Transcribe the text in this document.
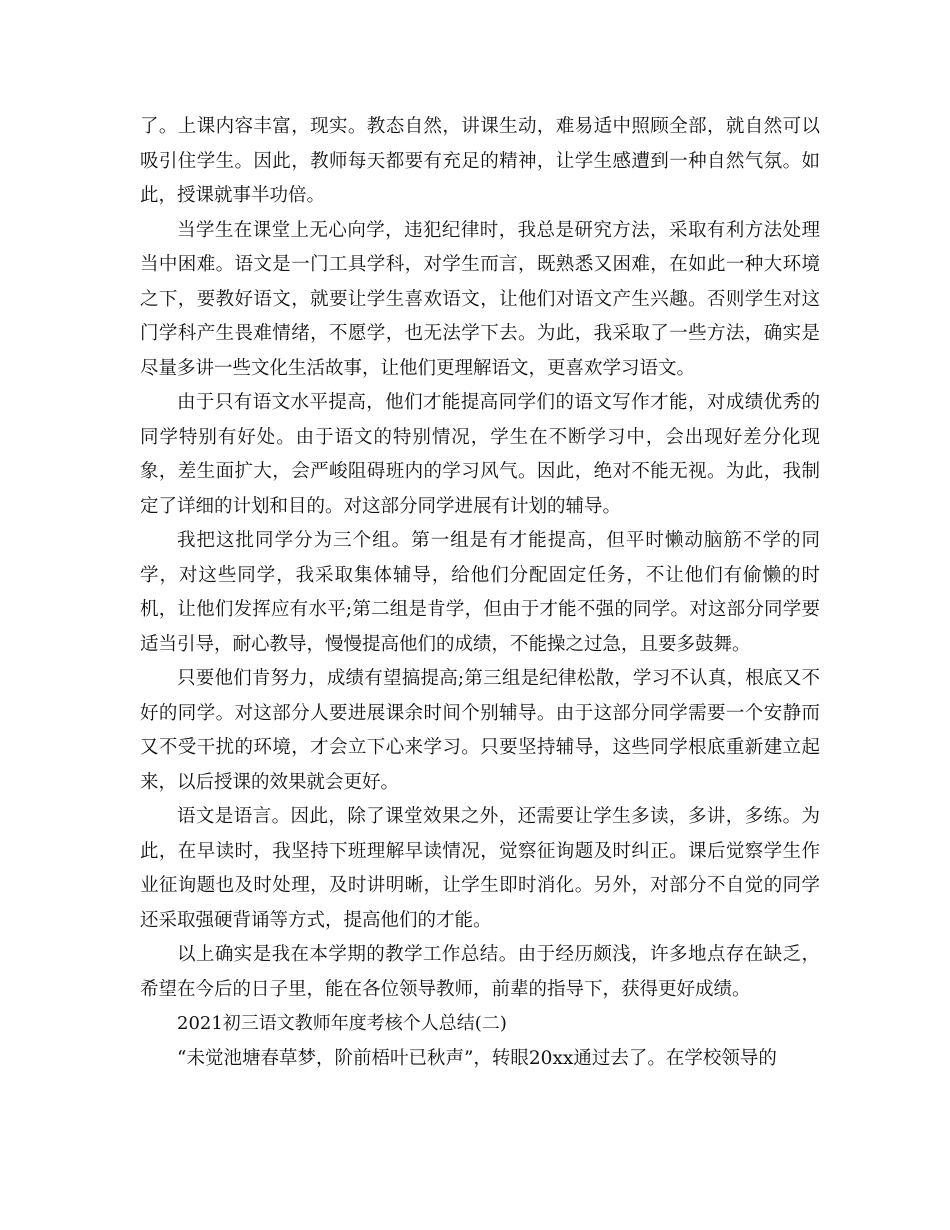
了。上课内容丰富，现实。教态自然，讲课生动，难易适中照顾全部，就自然可以吸引住学生。因此，教师每天都要有充足的精神，让学生感遭到一种自然气氛。如此，授课就事半功倍。

当学生在课堂上无心向学，违犯纪律时，我总是研究方法，采取有利方法处理当中困难。语文是一门工具学科，对学生而言，既熟悉又困难，在如此一种大环境之下，要教好语文，就要让学生喜欢语文，让他们对语文产生兴趣。否则学生对这门学科产生畏难情绪，不愿学，也无法学下去。为此，我采取了一些方法，确实是尽量多讲一些文化生活故事，让他们更理解语文，更喜欢学习语文。

由于只有语文水平提高，他们才能提高同学们的语文写作才能，对成绩优秀的同学特别有好处。由于语文的特别情况，学生在不断学习中，会出现好差分化现象，差生面扩大，会严峻阻碍班内的学习风气。因此，绝对不能无视。为此，我制定了详细的计划和目的。对这部分同学进展有计划的辅导。

我把这批同学分为三个组。第一组是有才能提高，但平时懒动脑筋不学的同学，对这些同学，我采取集体辅导，给他们分配固定任务，不让他们有偷懒的时机，让他们发挥应有水平;第二组是肯学，但由于才能不强的同学。对这部分同学要适当引导，耐心教导，慢慢提高他们的成绩，不能操之过急，且要多鼓舞。

只要他们肯努力，成绩有望搞提高;第三组是纪律松散，学习不认真，根底又不好的同学。对这部分人要进展课余时间个别辅导。由于这部分同学需要一个安静而又不受干扰的环境，才会立下心来学习。只要坚持辅导，这些同学根底重新建立起来，以后授课的效果就会更好。

语文是语言。因此，除了课堂效果之外，还需要让学生多读，多讲，多练。为此，在早读时，我坚持下班理解早读情况，觉察征询题及时纠正。课后觉察学生作业征询题也及时处理，及时讲明晰，让学生即时消化。另外，对部分不自觉的同学还采取强硬背诵等方式，提高他们的才能。

以上确实是我在本学期的教学工作总结。由于经历颇浅，许多地点存在缺乏，希望在今后的日子里，能在各位领导教师，前辈的指导下，获得更好成绩。

2021初三语文教师年度考核个人总结(二)

“未觉池塘春草梦，阶前梧叶已秋声”，转眼20xx通过去了。在学校领导的
